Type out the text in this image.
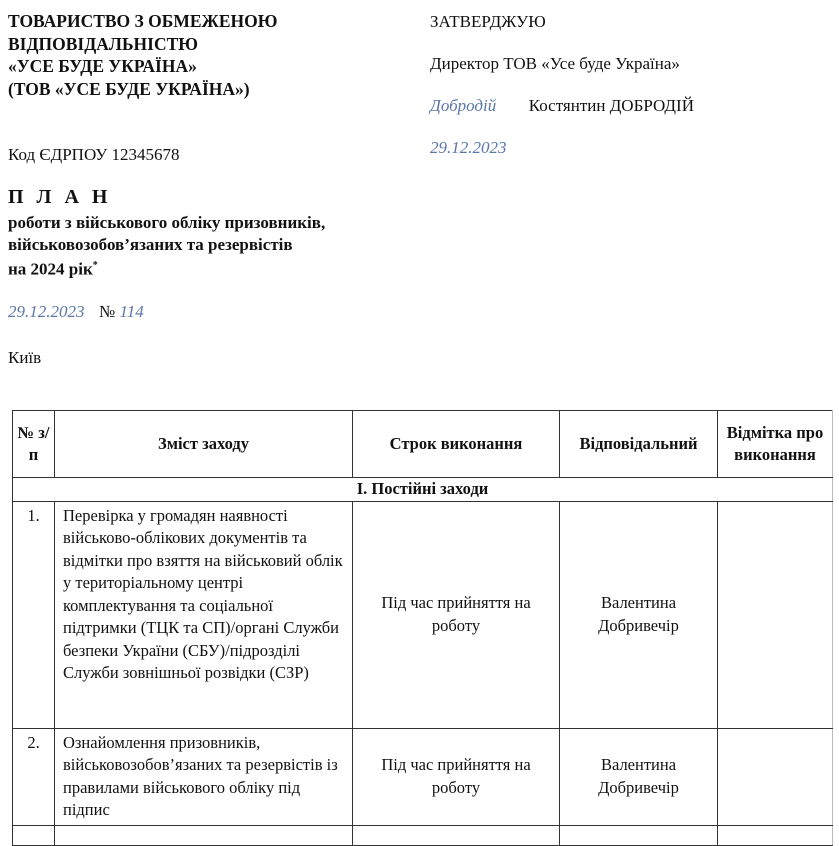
ТОВАРИСТВО З ОБМЕЖЕНОЮ
ВІДПОВІДАЛЬНІСТЮ
«УСЕ БУДЕ УКРАЇНА»
(ТОВ «УСЕ БУДЕ УКРАЇНА»)
Код ЄДРПОУ 12345678
ЗАТВЕРДЖУЮ
Директор ТОВ «Усе буде Україна»
Добродій Костянтин ДОБРОДІЙ
29.12.2023
П Л А Н
роботи з військового обліку призовників,
військовозобов’язаних та резервістів
на 2024 рік*
29.12.2023 № 114
Київ
№ з/п	Зміст заходу	Строк виконання	Відповідальний	Відмітка про виконання
І. Постійні заходи				
1.	Перевірка у громадян наявності військово-облікових документів та відмітки про взяття на військовий облік у територіальному центрі комплектування та соціальної підтримки (ТЦК та СП)/органі Служби безпеки України (СБУ)/підрозділі Служби зовнішньої розвідки (СЗР)	Під час прийняття на роботу	Валентина Добривечір	
2.	Ознайомлення призовників, військовозобов’язаних та резервістів із правилами військового обліку під підпис	Під час прийняття на роботу	Валентина Добривечір	
